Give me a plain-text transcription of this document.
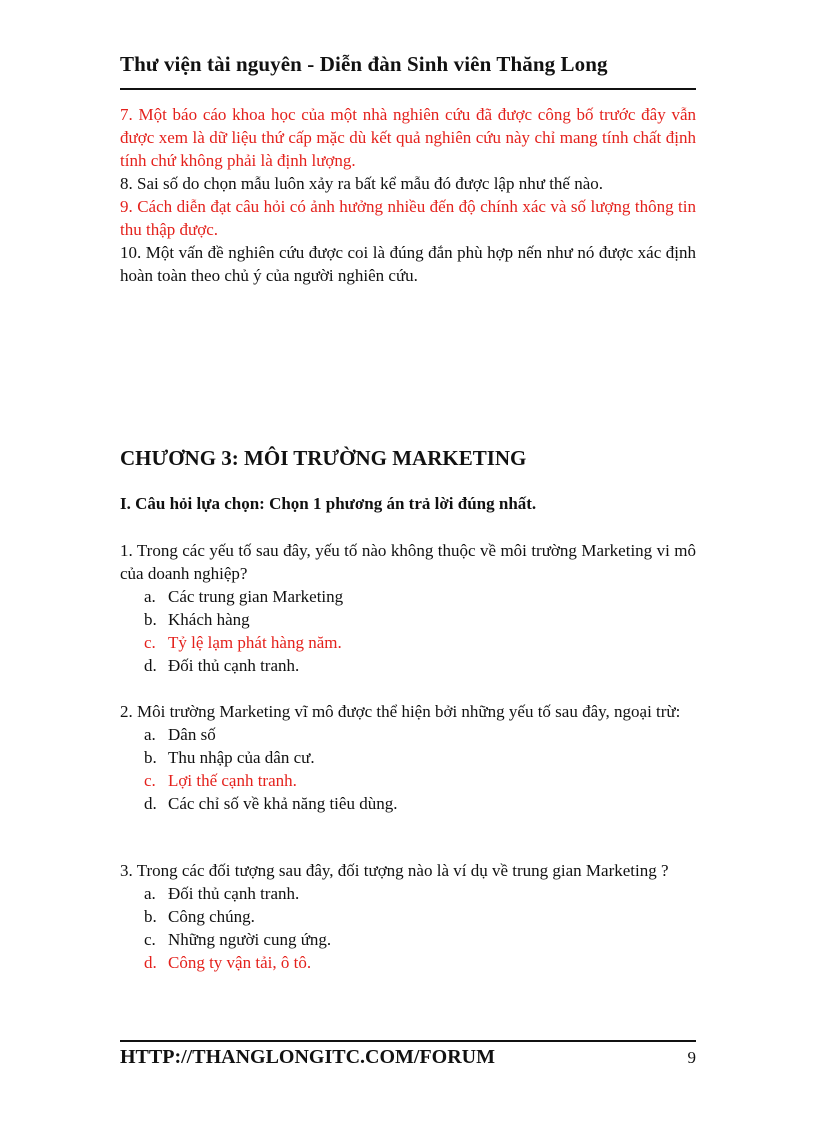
Thư viện tài nguyên - Diễn đàn Sinh viên Thăng Long
7. Một báo cáo khoa học của một nhà nghiên cứu đã được công bố trước đây vẫn được xem là dữ liệu thứ cấp mặc dù kết quả nghiên cứu này chỉ mang tính chất định tính chứ không phải là định lượng.
8. Sai số do chọn mẫu luôn xảy ra bất kể mẫu đó được lập như thế nào.
9. Cách diễn đạt câu hỏi có ảnh hưởng nhiều đến độ chính xác và số lượng thông tin thu thập được.
10. Một vấn đề nghiên cứu được coi là đúng đắn phù hợp nến như nó được xác định hoàn toàn theo chủ ý của người nghiên cứu.
CHƯƠNG 3: MÔI TRƯỜNG MARKETING
I. Câu hỏi lựa chọn: Chọn 1 phương án trả lời đúng nhất.
1. Trong các yếu tố sau đây, yếu tố nào không thuộc về môi trường Marketing vi mô của doanh nghiệp?
a. Các trung gian Marketing
b. Khách hàng
c. Tỷ lệ lạm phát hàng năm.
d. Đối thủ cạnh tranh.
2. Môi trường Marketing vĩ mô được thể hiện bởi những yếu tố sau đây, ngoại trừ:
a. Dân số
b. Thu nhập của dân cư.
c. Lợi thế cạnh tranh.
d. Các chỉ số về khả năng tiêu dùng.
3. Trong các đối tượng sau đây, đối tượng nào là ví dụ về trung gian Marketing ?
a. Đối thủ cạnh tranh.
b. Công chúng.
c. Những người cung ứng.
d. Công ty vận tải, ô tô.
HTTP://THANGLONGITC.COM/FORUM	9
